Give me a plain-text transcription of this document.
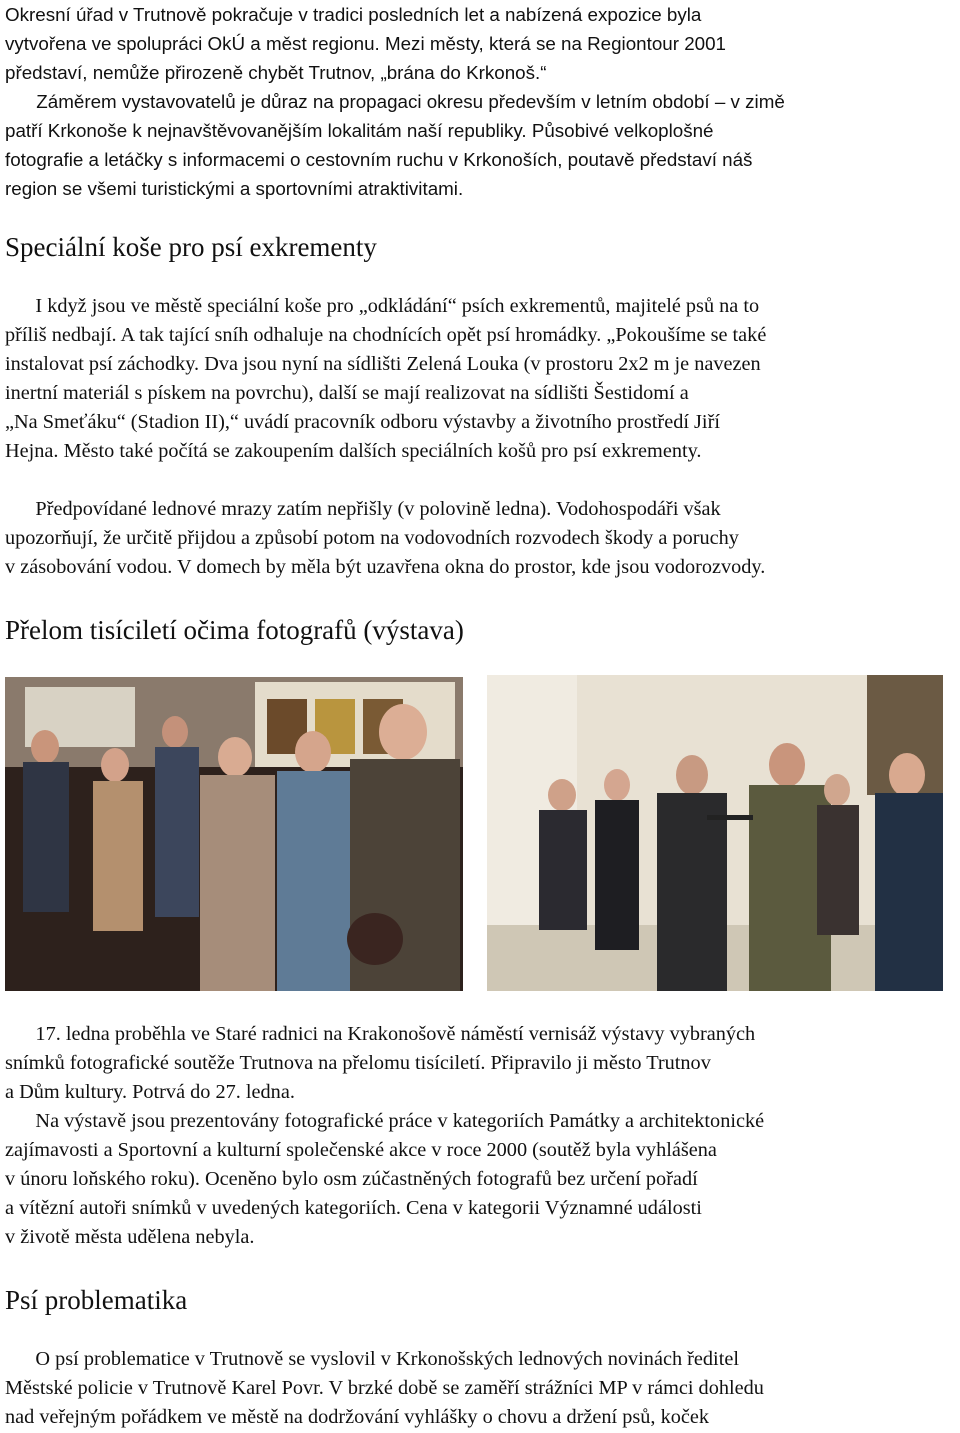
Okresní úřad v Trutnově pokračuje v tradici posledních let a nabízená expozice byla
vytvořena ve spolupráci OkÚ a měst regionu. Mezi městy, která se na Regiontour 2001
představí, nemůže přirozeně chybět Trutnov, „brána do Krkonoš.“
Záměrem vystavovatelů je důraz na propagaci okresu především v letním období – v zimě
patří Krkonoše k nejnavštěvovanějším lokalitám naší republiky. Působivé velkoplošné
fotografie a letáčky s informacemi o cestovním ruchu v Krkonoších, poutavě představí náš
region se všemi turistickými a sportovními atraktivitami.
Speciální koše pro psí exkrementy
I když jsou ve městě speciální koše pro „odkládání“ psích exkrementů, majitelé psů na to
příliš nedbají. A tak tající sníh odhaluje na chodnících opět psí hromádky. „Pokoušíme se také
instalovat psí záchodky. Dva jsou nyní na sídlišti Zelená Louka (v prostoru 2x2 m je navezen
inertní materiál s pískem na povrchu), další se mají realizovat na sídlišti Šestidomí a
„Na Smeťáku“ (Stadion II),“ uvádí pracovník odboru výstavby a životního prostředí Jiří
Hejna. Město také počítá se zakoupením dalších speciálních košů pro psí exkrementy.
Předpovídané lednové mrazy zatím nepřišly (v polovině ledna). Vodohospodáři však
upozorňují, že určitě přijdou a způsobí potom na vodovodních rozvodech škody a poruchy
v zásobování vodou. V domech by měla být uzavřena okna do prostor, kde jsou vodorozvody.
Přelom tisíciletí očima fotografů (výstava)
17. ledna proběhla ve Staré radnici na Krakonošově náměstí vernisáž výstavy vybraných
snímků fotografické soutěže Trutnova na přelomu tisíciletí. Připravilo ji město Trutnov
a Dům kultury. Potrvá do 27. ledna.
Na výstavě jsou prezentovány fotografické práce v kategoriích Památky a architektonické
zajímavosti a Sportovní a kulturní společenské akce v roce 2000 (soutěž byla vyhlášena
v únoru loňského roku). Oceněno bylo osm zúčastněných fotografů bez určení pořadí
a vítězní autoři snímků v uvedených kategoriích. Cena v kategorii Významné události
v životě města udělena nebyla.
Psí problematika
O psí problematice v Trutnově se vyslovil v Krkonošských lednových novinách ředitel
Městské policie v Trutnově Karel Povr. V brzké době se zaměří strážníci MP v rámci dohledu
nad veřejným pořádkem ve městě na dodržování vyhlášky o chovu a držení psů, koček
